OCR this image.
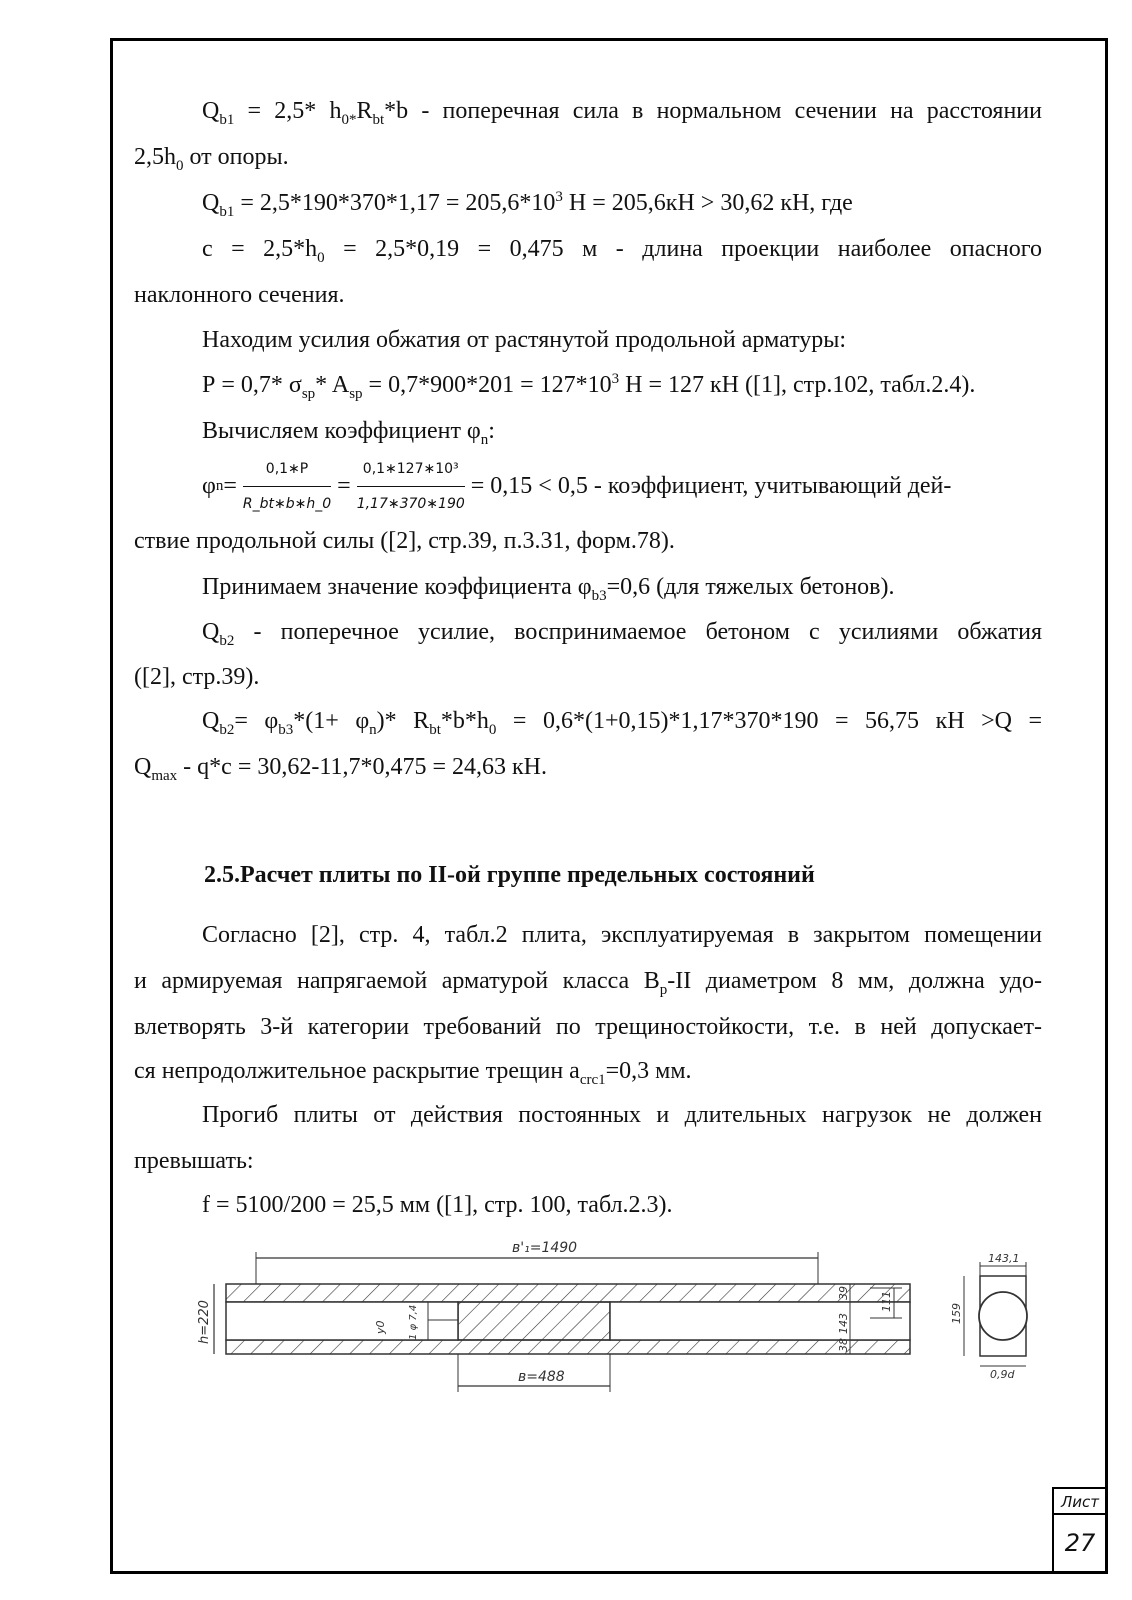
$Q_{b1} = 2,5*$ $h_{0*}R_{bt}*b$ - поперечная сила в нормальном сечении на расстоянии
$2,5h_0$ от опоры.
$Q_{b1} = 2,5*190*370*1,17 = 205,6*10^3$ Н = 205,6кН > 30,62 кН, где
$с = 2,5*h_0 = 2,5*0,19 = 0,475$ м - длина проекции наиболее опасного
наклонного сечения.
Находим усилия обжатия от растянутой продольной арматуры:
Р = 0,7* $\sigma_{sp}*$ $A_{sp} = 0,7*900*201 = 127*10^3$ Н = 127 кН ([1], стр.102, табл.2.4).
Вычисляем коэффициент $\varphi_n$:
φ $n = \frac{0,1∗P}{R\_bt∗b∗h\_0} = \frac{\text{0,1∗127∗10³}}{1,17∗370∗190} = 0,15 < 0,5$ - коэффициент, учитывающий дей-
ствие продольной силы ([2], стр.39, п.3.31, форм.78).
Принимаем значение коэффициента $\varphi_{b3}=0,6$ (для тяжелых бетонов).
$Q_{b2}$ - поперечное усилие, воспринимаемое бетоном с усилиями обжатия
([2], стр.39).
$Q_{b2}= \varphi_{b3}*(1+ \varphi_n)*$ $R_{bt}*b*h_0 = 0,6*(1+0,15)*1,17*370*190 = 56,75$ кН >Q =
$Q_{max} - q*c = 30,62-11,7*0,475 = 24,63$ кН.
2.5.Расчет плиты по II-ой группе предельных состояний
Согласно [2], стр. 4, табл.2 плита, эксплуатируемая в закрытом помещении
и армируемая напрягаемой арматурой класса $В_р-II$ диаметром 8 мм, должна удо-
влетворять 3-й категории требований по трещиностойкости, т.е. в ней допускает-
ся непродолжительное раскрытие трещин $a_{crc1}=0,3$ мм.
Прогиб плиты от действия постоянных и длительных нагрузок не должен
превышать:
f = 5100/200 = 25,5 мм ([1], стр. 100, табл.2.3).
в'₁=1490
в=488
h=220	y0 1 φ 7,4
39
143
38
111
143,1
159
0,9d
Лист
27
